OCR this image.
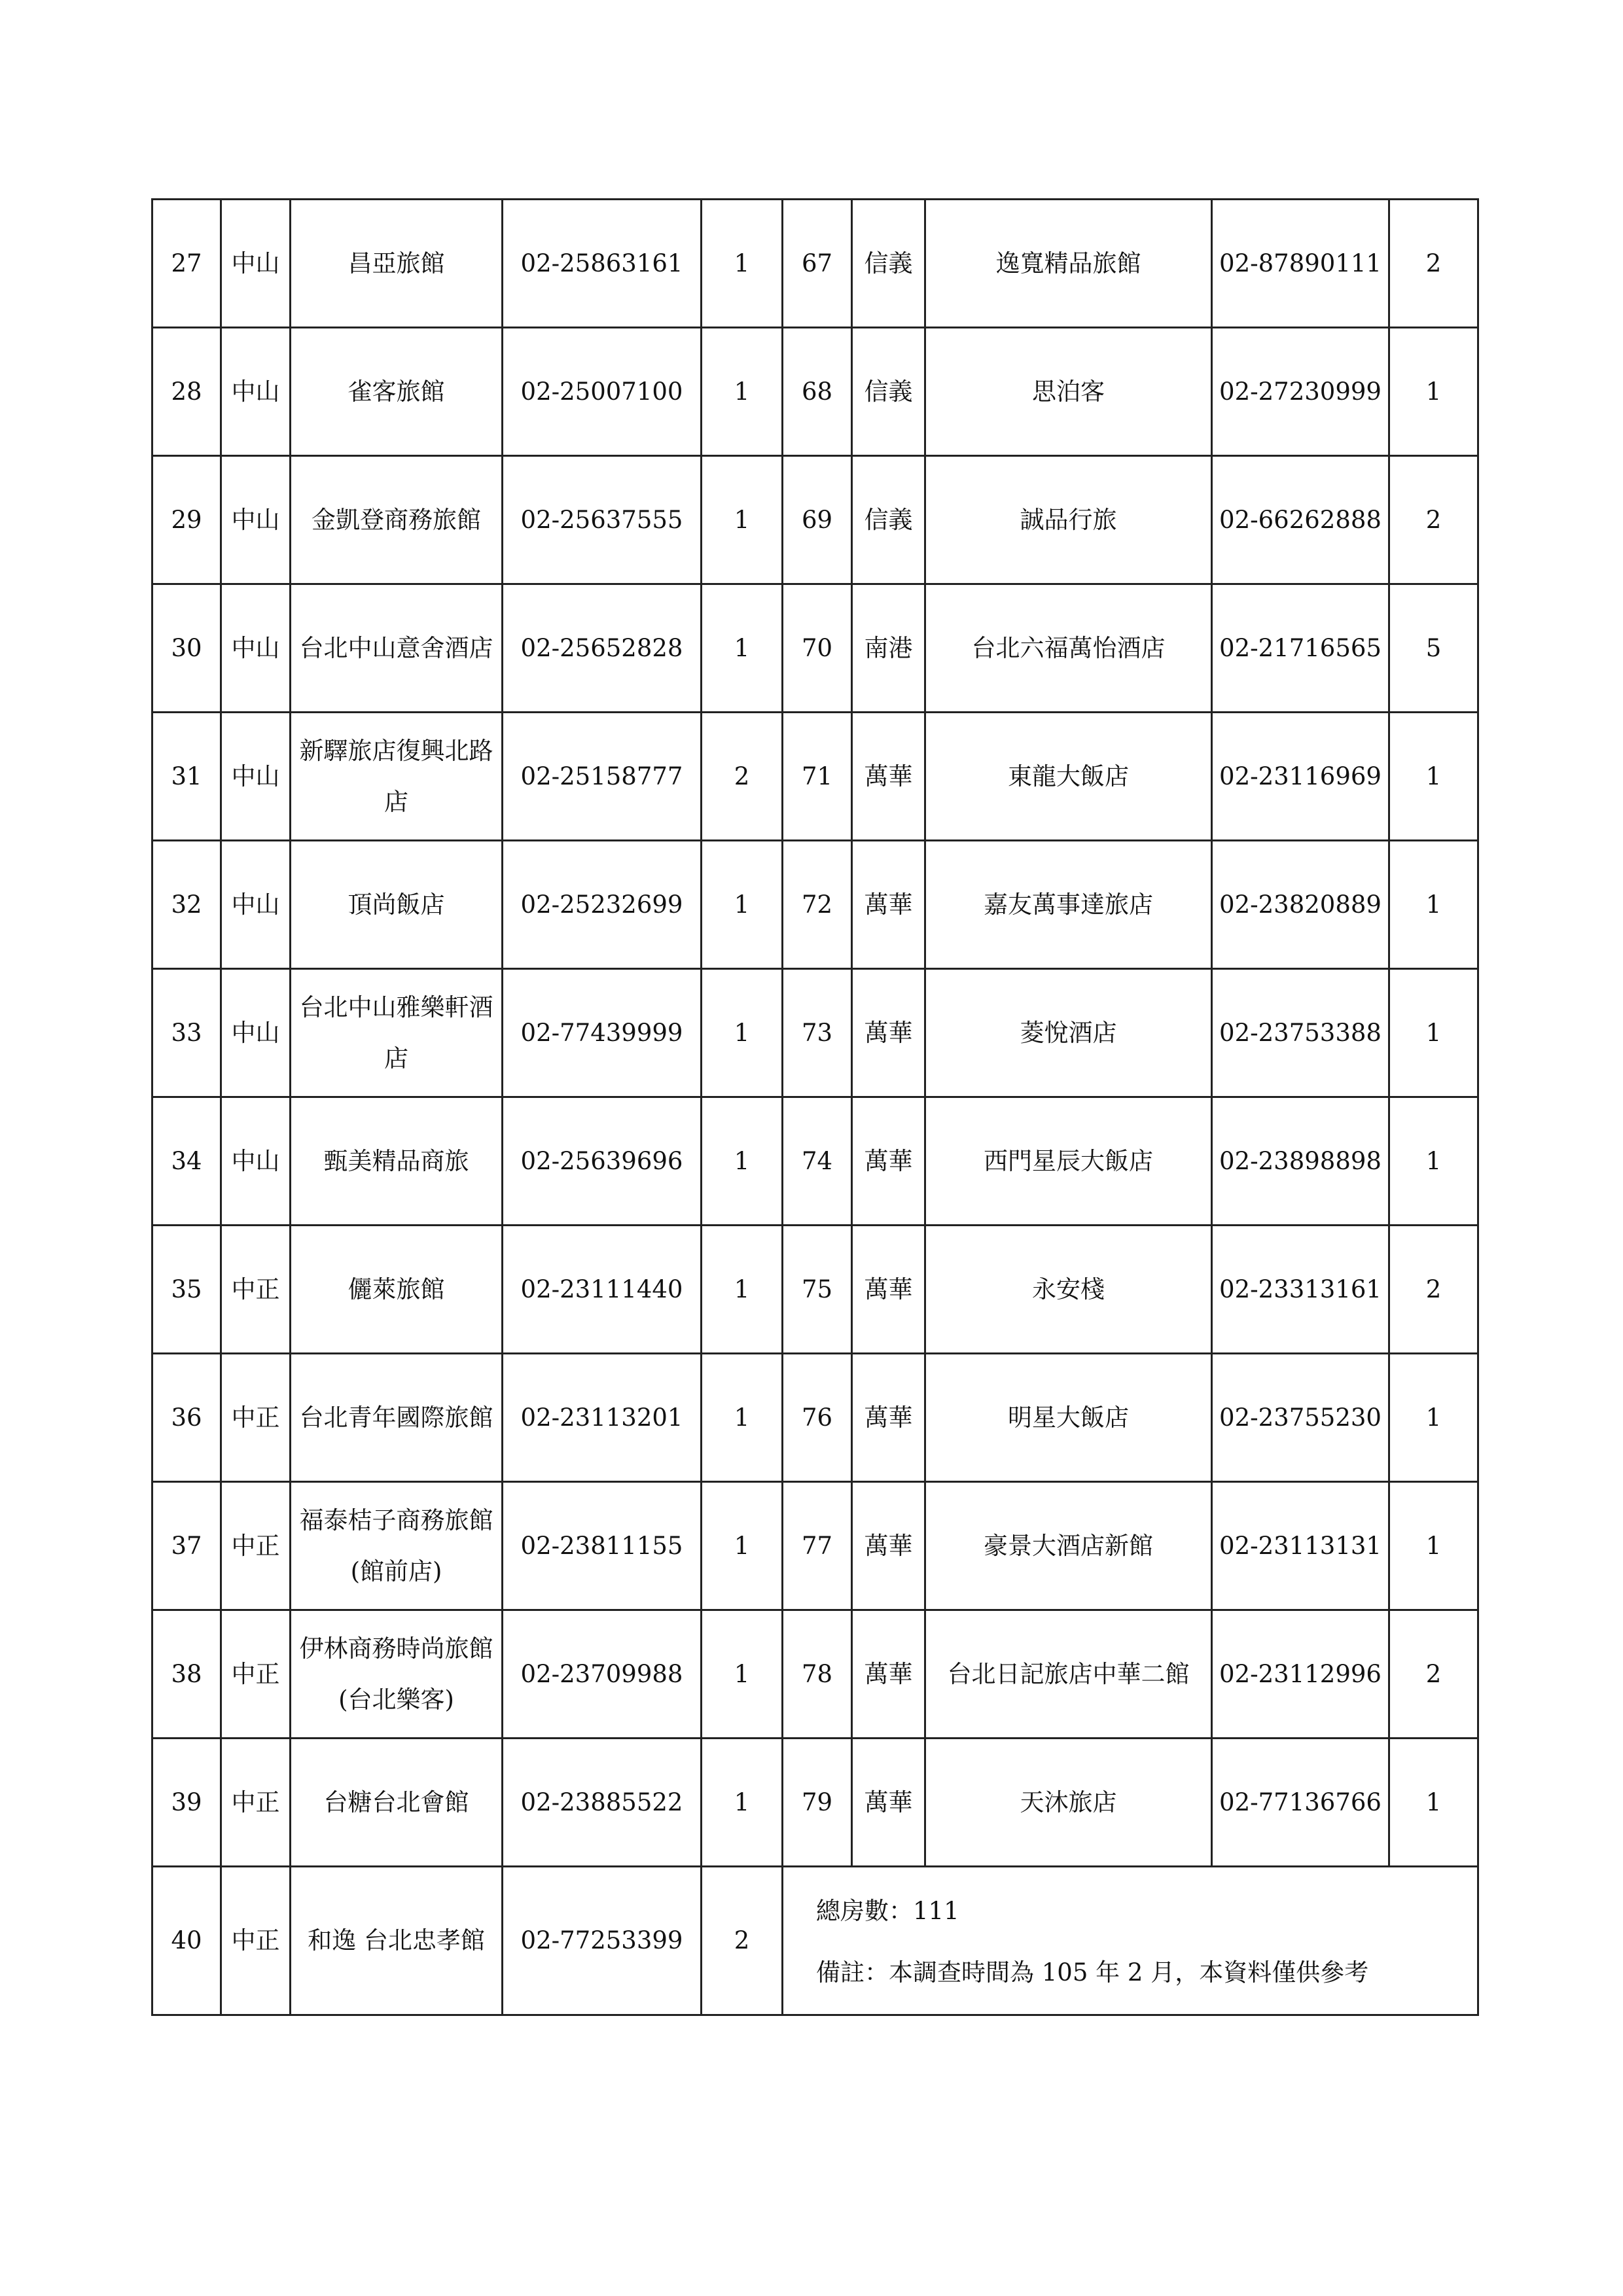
27	中山	昌亞旅館	02-25863161	1	67	信義	逸寬精品旅館	02-87890111	2
28	中山	雀客旅館	02-25007100	1	68	信義	思泊客	02-27230999	1
29	中山	金凱登商務旅館	02-25637555	1	69	信義	誠品行旅	02-66262888	2
30	中山	台北中山意舍酒店	02-25652828	1	70	南港	台北六福萬怡酒店	02-21716565	5
31	中山	新驛旅店復興北路店	02-25158777	2	71	萬華	東龍大飯店	02-23116969	1
32	中山	頂尚飯店	02-25232699	1	72	萬華	嘉友萬事達旅店	02-23820889	1
33	中山	台北中山雅樂軒酒店	02-77439999	1	73	萬華	菱悅酒店	02-23753388	1
34	中山	甄美精品商旅	02-25639696	1	74	萬華	西門星辰大飯店	02-23898898	1
35	中正	儷萊旅館	02-23111440	1	75	萬華	永安棧	02-23313161	2
36	中正	台北青年國際旅館	02-23113201	1	76	萬華	明星大飯店	02-23755230	1
37	中正	福泰桔子商務旅館(館前店)	02-23811155	1	77	萬華	豪景大酒店新館	02-23113131	1
38	中正	伊林商務時尚旅館(台北樂客)	02-23709988	1	78	萬華	台北日記旅店中華二館	02-23112996	2
39	中正	台糖台北會館	02-23885522	1	79	萬華	天沐旅店	02-77136766	1
40	中正	和逸 台北忠孝館	02-77253399	2	總房數：111
備註：本調查時間為 105 年 2 月，本資料僅供參考				
